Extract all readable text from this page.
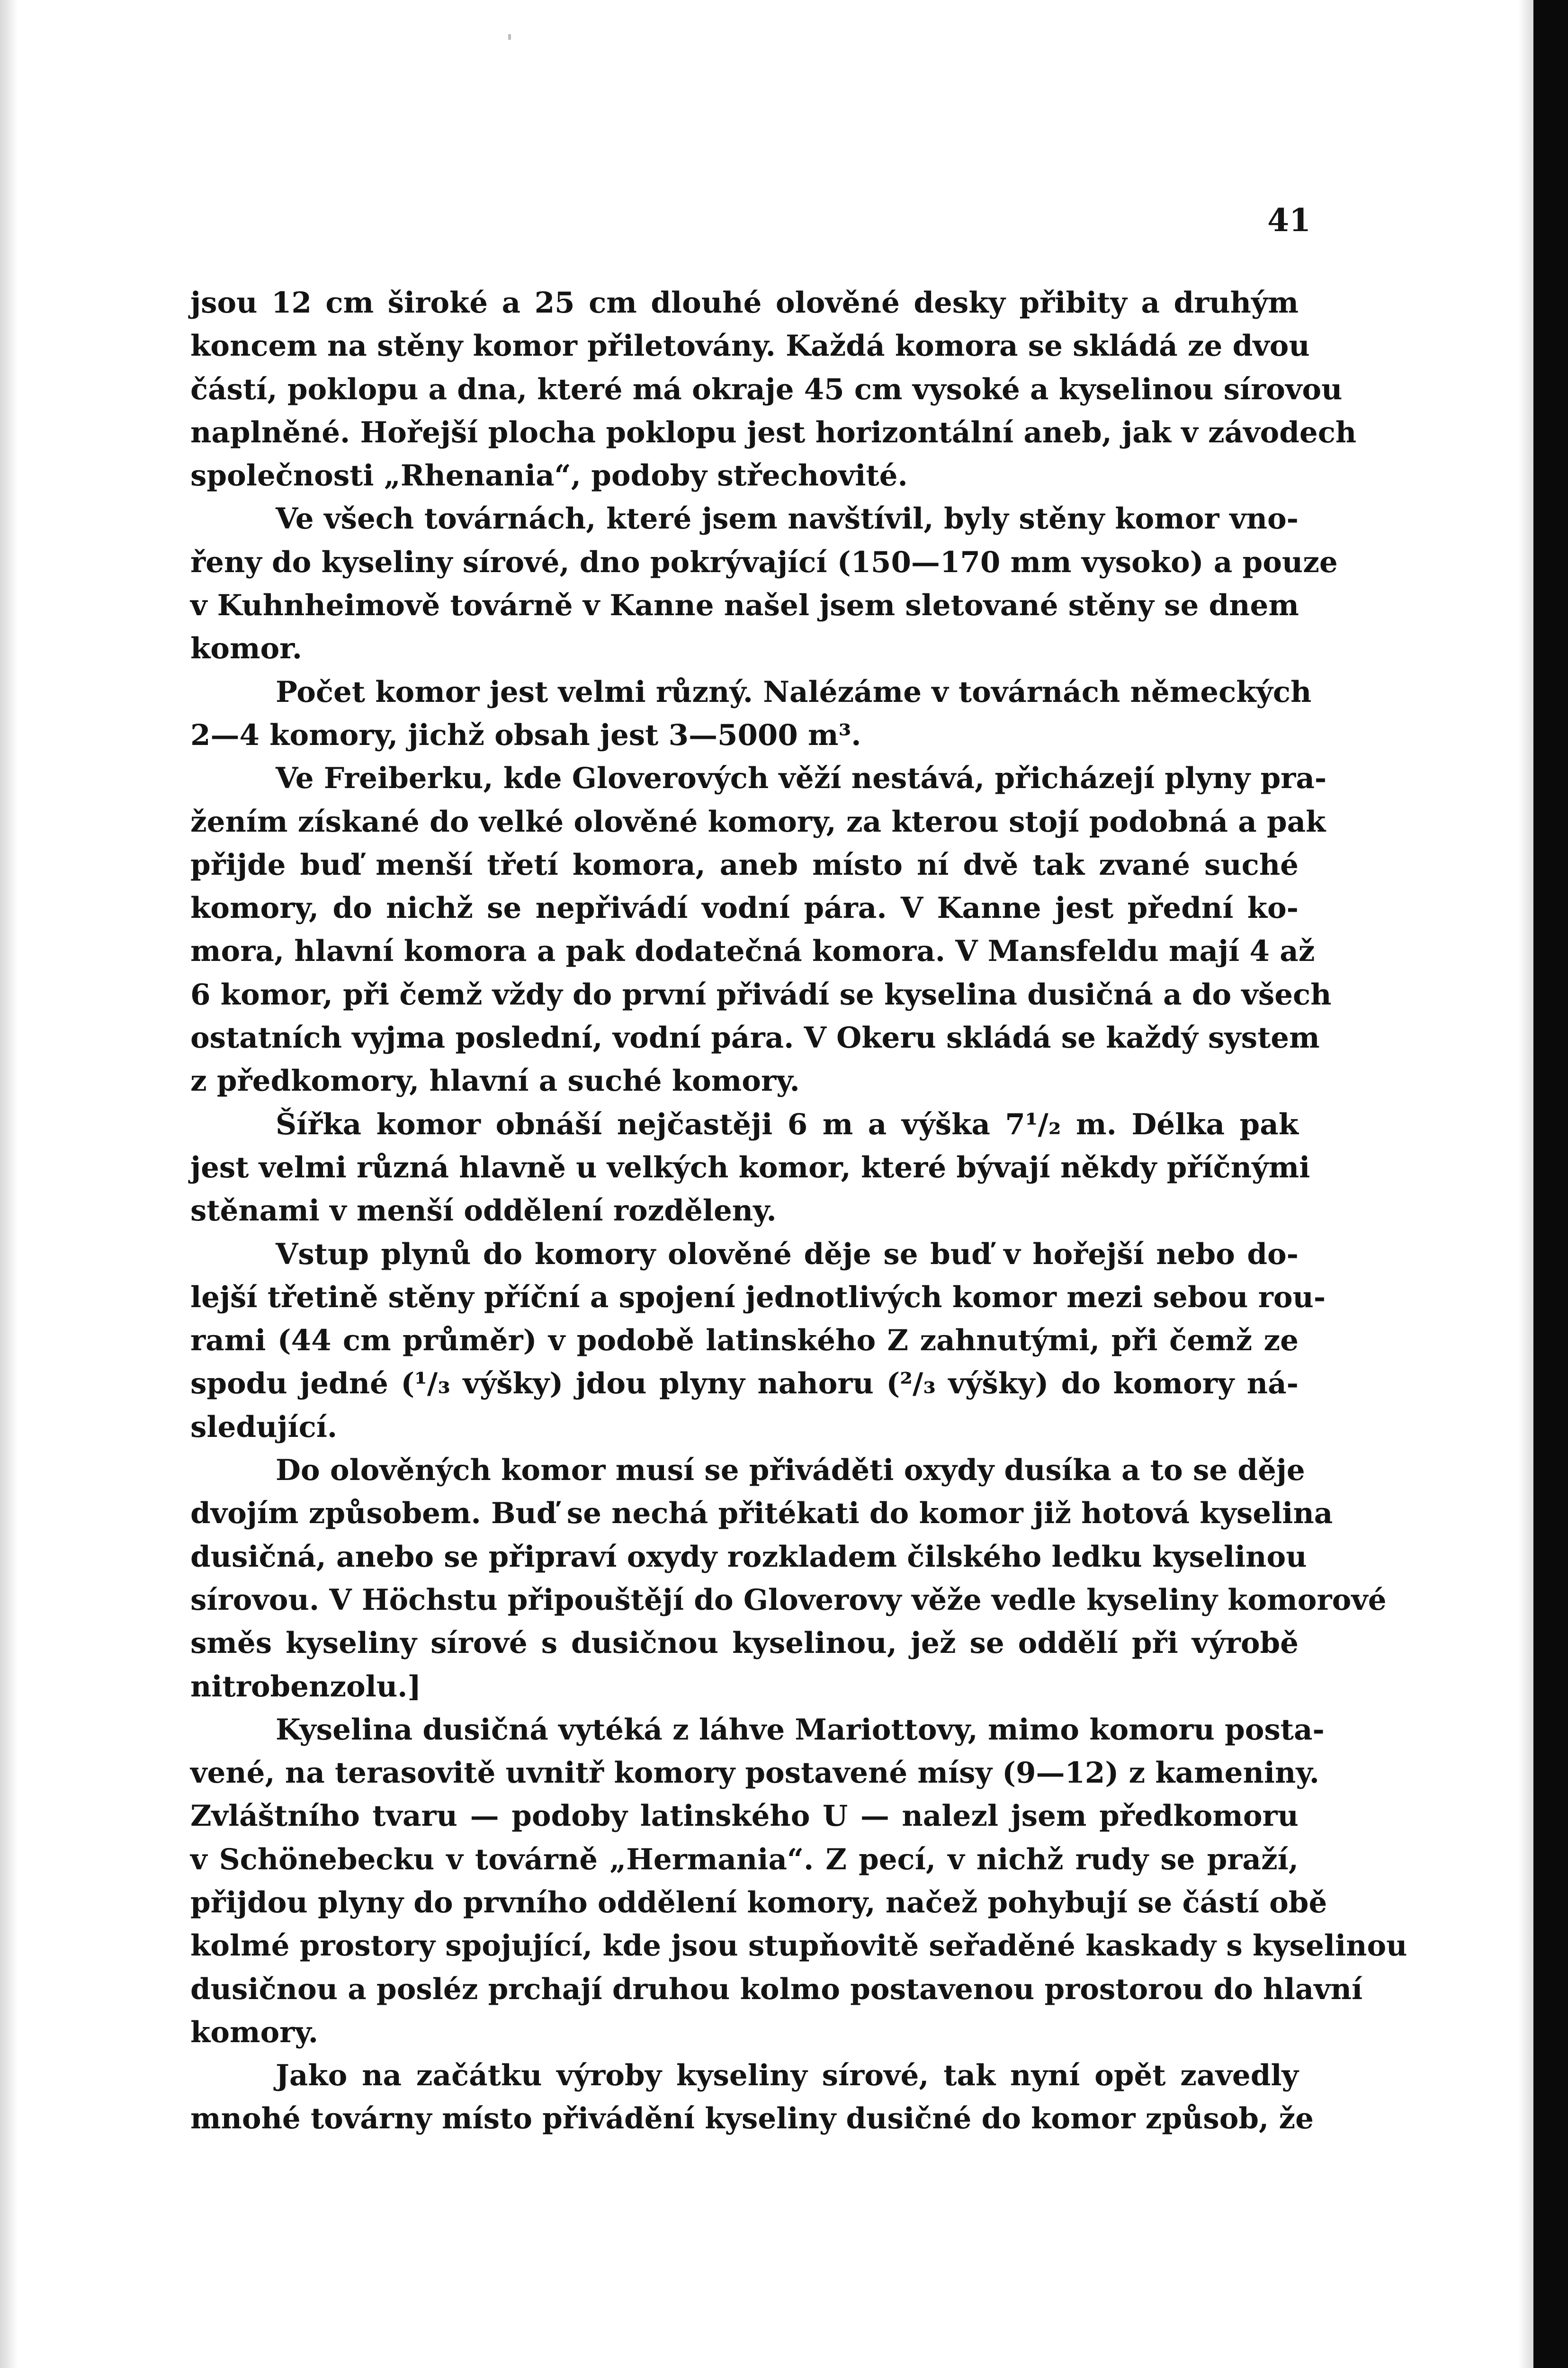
41

jsou 12 cm široké a 25 cm dlouhé olověné desky přibity a druhým
koncem na stěny komor přiletovány. Každá komora se skládá ze dvou
částí, poklopu a dna, které má okraje 45 cm vysoké a kyselinou sírovou
naplněné. Hořejší plocha poklopu jest horizontální aneb, jak v závodech
společnosti „Rhenania“, podoby střechovité.
Ve všech továrnách, které jsem navštívil, byly stěny komor vno-
řeny do kyseliny sírové, dno pokrývající (150—170 mm vysoko) a pouze
v Kuhnheimově továrně v Kanne našel jsem sletované stěny se dnem
komor.
Počet komor jest velmi různý. Nalézáme v továrnách německých
2—4 komory, jichž obsah jest 3—5000 m³.
Ve Freiberku, kde Gloverových věží nestává, přicházejí plyny pra-
žením získané do velké olověné komory, za kterou stojí podobná a pak
přijde buď menší třetí komora, aneb místo ní dvě tak zvané suché
komory, do nichž se nepřivádí vodní pára. V Kanne jest přední ko-
mora, hlavní komora a pak dodatečná komora. V Mansfeldu mají 4 až
6 komor, při čemž vždy do první přivádí se kyselina dusičná a do všech
ostatních vyjma poslední, vodní pára. V Okeru skládá se každý system
z předkomory, hlavní a suché komory.
Šířka komor obnáší nejčastěji 6 m a výška 7¹/₂ m. Délka pak
jest velmi různá hlavně u velkých komor, které bývají někdy příčnými
stěnami v menší oddělení rozděleny.
Vstup plynů do komory olověné děje se buď v hořejší nebo do-
lejší třetině stěny příční a spojení jednotlivých komor mezi sebou rou-
rami (44 cm průměr) v podobě latinského Z zahnutými, při čemž ze
spodu jedné (¹/₃ výšky) jdou plyny nahoru (²/₃ výšky) do komory ná-
sledující.
Do olověných komor musí se přiváděti oxydy dusíka a to se děje
dvojím způsobem. Buď se nechá přitékati do komor již hotová kyselina
dusičná, anebo se připraví oxydy rozkladem čilského ledku kyselinou
sírovou. V Höchstu připouštějí do Gloverovy věže vedle kyseliny komorové
směs kyseliny sírové s dusičnou kyselinou, jež se oddělí při výrobě
nitrobenzolu.]
Kyselina dusičná vytéká z láhve Mariottovy, mimo komoru posta-
vené, na terasovitě uvnitř komory postavené mísy (9—12) z kameniny.
Zvláštního tvaru — podoby latinského U — nalezl jsem předkomoru
v Schönebecku v továrně „Hermania“. Z pecí, v nichž rudy se praží,
přijdou plyny do prvního oddělení komory, načež pohybují se částí obě
kolmé prostory spojující, kde jsou stupňovitě seřaděné kaskady s kyselinou
dusičnou a posléz prchají druhou kolmo postavenou prostorou do hlavní
komory.
Jako na začátku výroby kyseliny sírové, tak nyní opět zavedly
mnohé továrny místo přivádění kyseliny dusičné do komor způsob, že
